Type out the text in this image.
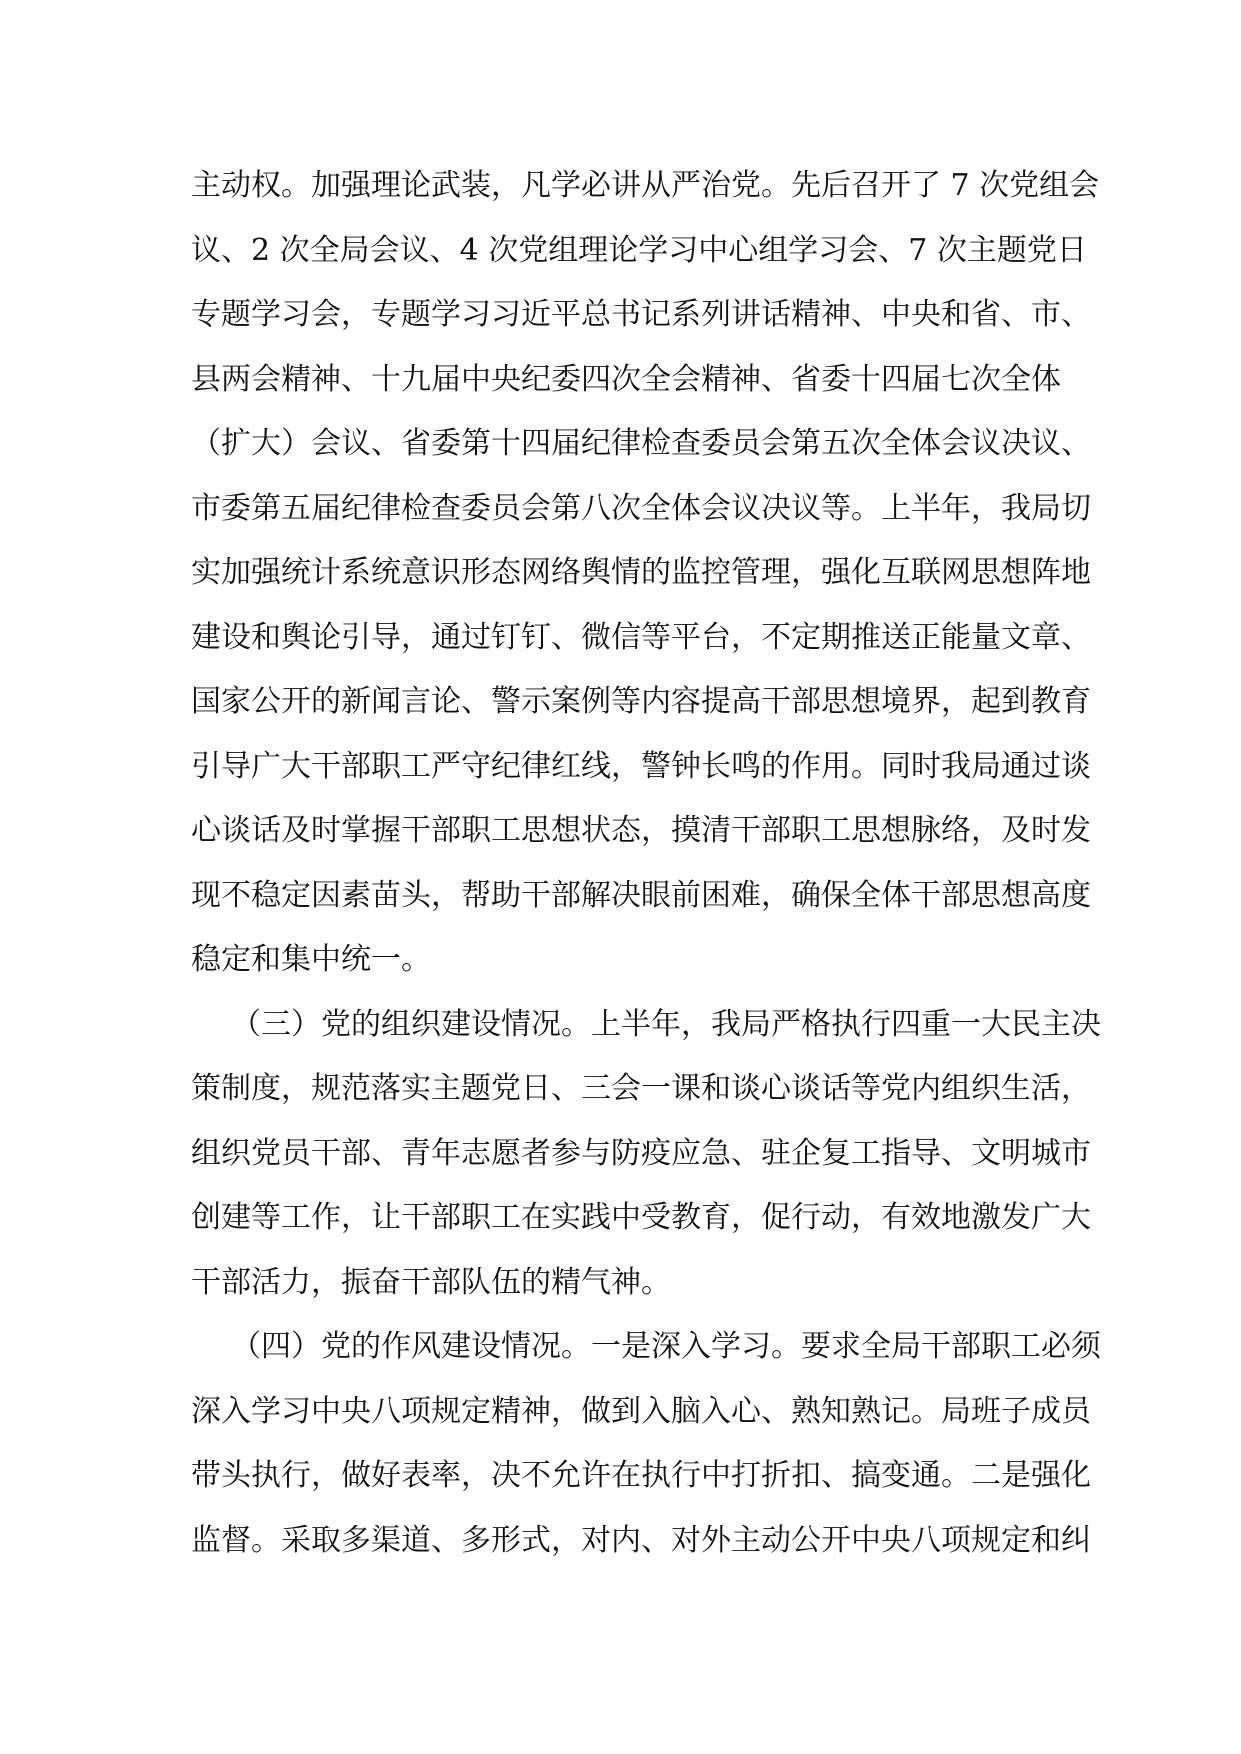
主动权。加强理论武装，凡学必讲从严治党。先后召开了 7 次党组会
议、2 次全局会议、4 次党组理论学习中心组学习会、7 次主题党日
专题学习会，专题学习习近平总书记系列讲话精神、中央和省、市、
县两会精神、十九届中央纪委四次全会精神、省委十四届七次全体
（扩大）会议、省委第十四届纪律检查委员会第五次全体会议决议、
市委第五届纪律检查委员会第八次全体会议决议等。上半年，我局切
实加强统计系统意识形态网络舆情的监控管理，强化互联网思想阵地
建设和舆论引导，通过钉钉、微信等平台，不定期推送正能量文章、
国家公开的新闻言论、警示案例等内容提高干部思想境界，起到教育
引导广大干部职工严守纪律红线，警钟长鸣的作用。同时我局通过谈
心谈话及时掌握干部职工思想状态，摸清干部职工思想脉络，及时发
现不稳定因素苗头，帮助干部解决眼前困难，确保全体干部思想高度
稳定和集中统一。
（三）党的组织建设情况。上半年，我局严格执行四重一大民主决
策制度，规范落实主题党日、三会一课和谈心谈话等党内组织生活，
组织党员干部、青年志愿者参与防疫应急、驻企复工指导、文明城市
创建等工作，让干部职工在实践中受教育，促行动，有效地激发广大
干部活力，振奋干部队伍的精气神。
（四）党的作风建设情况。一是深入学习。要求全局干部职工必须
深入学习中央八项规定精神，做到入脑入心、熟知熟记。局班子成员
带头执行，做好表率，决不允许在执行中打折扣、搞变通。二是强化
监督。采取多渠道、多形式，对内、对外主动公开中央八项规定和纠
